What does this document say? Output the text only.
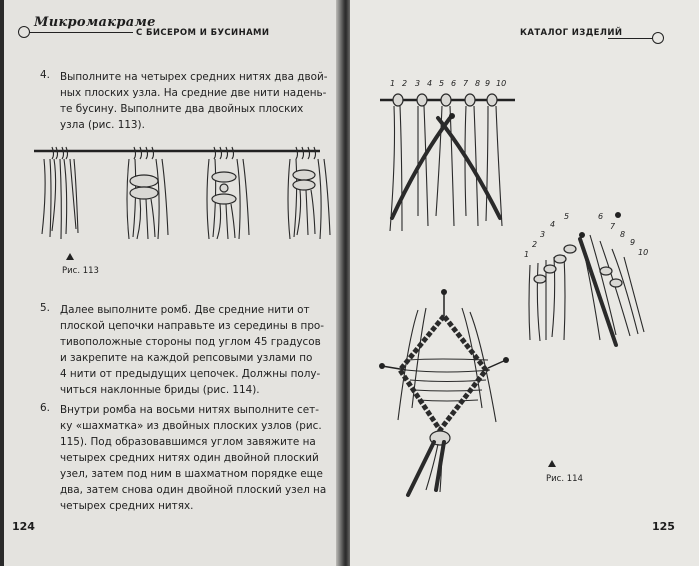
Микромакраме
С БИСЕРОМ И БУСИНАМИ
4. Выполните на четырех средних нитях два двой-
ных плоских узла. На средние две нити надень-
те бусину. Выполните два двойных плоских
узла (рис. 113).
Рис. 113
5. Далее выполните ромб. Две средние нити от
плоской цепочки направьте из середины в про-
тивоположные стороны под углом 45 градусов
и закрепите на каждой репсовыми узлами по
4 нити от предыдущих цепочек. Должны полу-
читься наклонные бриды (рис. 114).
6. Внутри ромба на восьми нитях выполните сет-
ку «шахматка» из двойных плоских узлов (рис.
115). Под образовавшимся углом завяжите на
четырех средних нитях один двойной плоский
узел, затем под ним в шахматном порядке еще
два, затем снова один двойной плоский узел на
четырех средних нитях.
124
КАТАЛОГ ИЗДЕЛИЙ
1 2 3 4 5 6 7 8 9 10
1
2
3
4
5	6
7
8
9
10
Рис. 114
125
